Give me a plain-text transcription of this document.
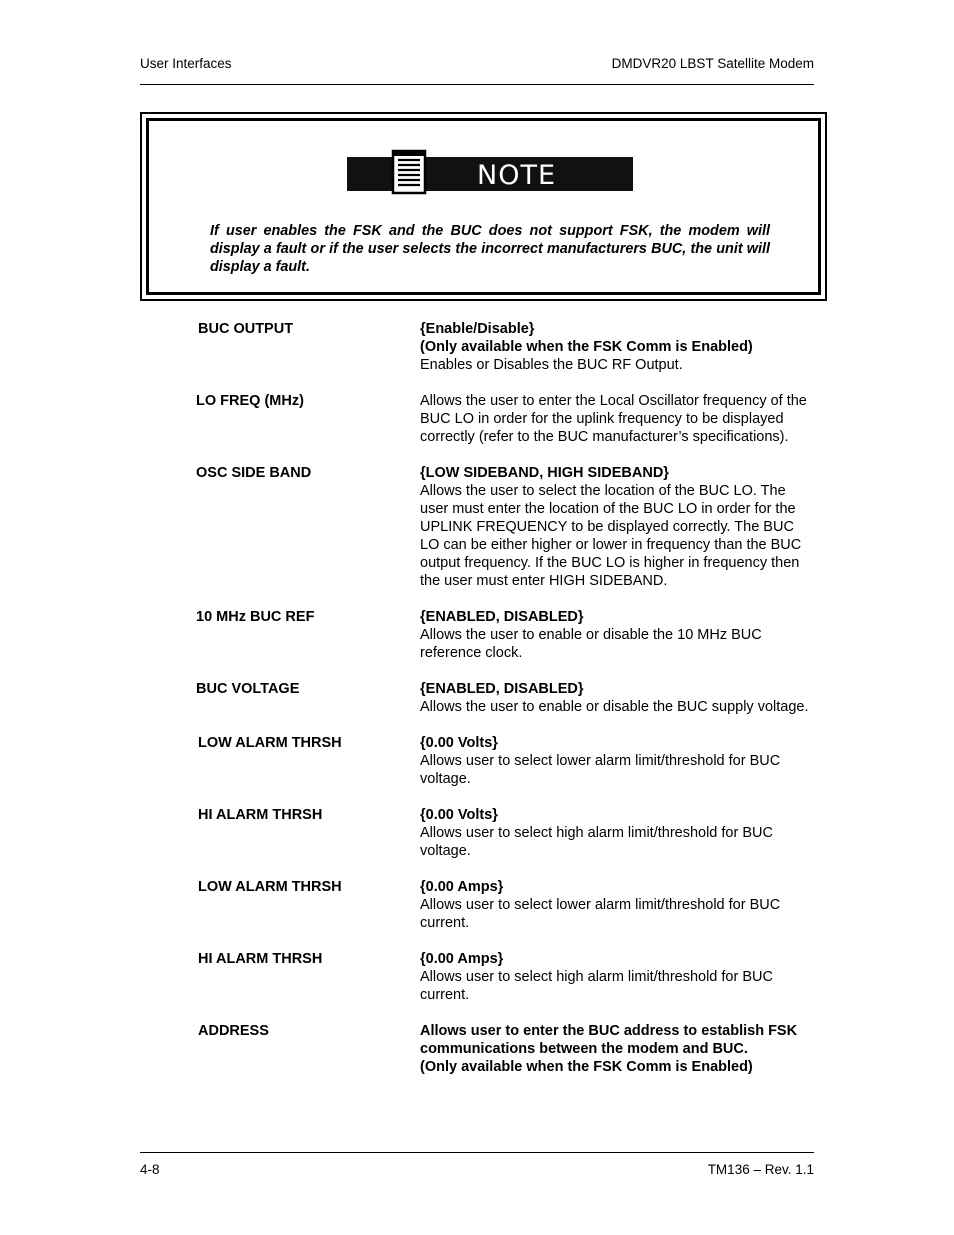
User Interfaces	DMDVR20 LBST Satellite Modem
NOTE
If user enables the FSK and the BUC does not support FSK, the modem will display a fault or if the user selects the incorrect manufacturers BUC, the unit will display a fault.
BUC OUTPUT	{Enable/Disable}
(Only available when the FSK Comm is Enabled)
Enables or Disables the BUC RF Output.
LO FREQ (MHz)	Allows the user to enter the Local Oscillator frequency of the BUC LO in order for the uplink frequency to be displayed correctly (refer to the BUC manufacturer’s specifications).
OSC SIDE BAND	{LOW SIDEBAND, HIGH SIDEBAND}
Allows the user to select the location of the BUC LO. The user must enter the location of the BUC LO in order for the UPLINK FREQUENCY to be displayed correctly. The BUC LO can be either higher or lower in frequency than the BUC output frequency. If the BUC LO is higher in frequency then the user must enter HIGH SIDEBAND.
10 MHz BUC REF	{ENABLED, DISABLED}
Allows the user to enable or disable the 10 MHz BUC reference clock.
BUC VOLTAGE	{ENABLED, DISABLED}
Allows the user to enable or disable the BUC supply voltage.
LOW ALARM THRSH	{0.00 Volts}
Allows user to select lower alarm limit/threshold for BUC voltage.
HI ALARM THRSH	{0.00 Volts}
Allows user to select high alarm limit/threshold for BUC voltage.
LOW ALARM THRSH	{0.00 Amps}
Allows user to select lower alarm limit/threshold for BUC current.
HI ALARM THRSH	{0.00 Amps}
Allows user to select high alarm limit/threshold for BUC current.
ADDRESS	Allows user to enter the BUC address to establish FSK communications between the modem and BUC.
(Only available when the FSK Comm is Enabled)
4-8	TM136 – Rev. 1.1
